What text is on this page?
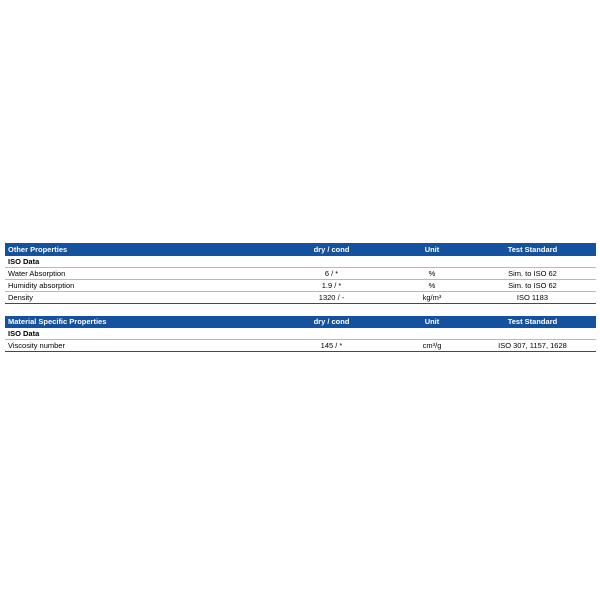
Other Properties	dry / cond	Unit	Test Standard
ISO Data			
Water Absorption	6 / *	%	Sim. to ISO 62
Humidity absorption	1.9 / *	%	Sim. to ISO 62
Density	1320 / -	kg/m³	ISO 1183
Material Specific Properties	dry / cond	Unit	Test Standard
ISO Data			
Viscosity number	145 / *	cm³/g	ISO 307, 1157, 1628
